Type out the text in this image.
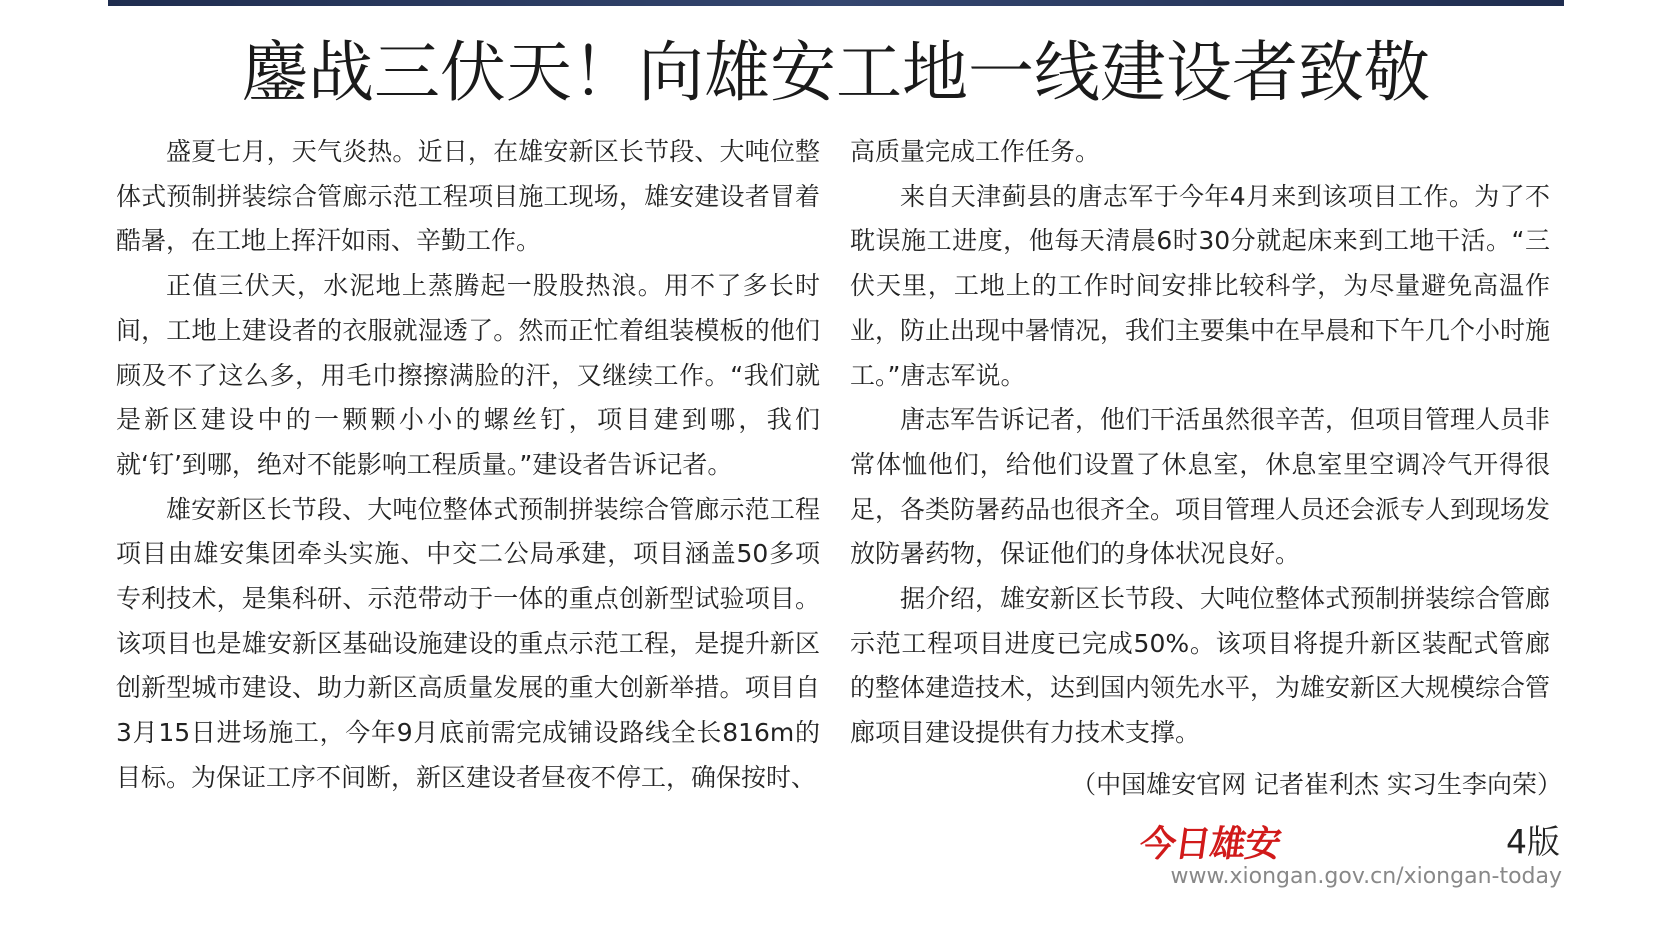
鏖战三伏天！向雄安工地一线建设者致敬

盛夏七月，天气炎热。近日，在雄安新区长节段、大吨位整体式预制拼装综合管廊示范工程项目施工现场，雄安建设者冒着酷暑，在工地上挥汗如雨、辛勤工作。

正值三伏天，水泥地上蒸腾起一股股热浪。用不了多长时间，工地上建设者的衣服就湿透了。然而正忙着组装模板的他们顾及不了这么多，用毛巾擦擦满脸的汗，又继续工作。“我们就是新区建设中的一颗颗小小的螺丝钉，项目建到哪，我们就‘钉’到哪，绝对不能影响工程质量。”建设者告诉记者。

雄安新区长节段、大吨位整体式预制拼装综合管廊示范工程项目由雄安集团牵头实施、中交二公局承建，项目涵盖50多项专利技术，是集科研、示范带动于一体的重点创新型试验项目。该项目也是雄安新区基础设施建设的重点示范工程，是提升新区创新型城市建设、助力新区高质量发展的重大创新举措。项目自3月15日进场施工，今年9月底前需完成铺设路线全长816m的目标。为保证工序不间断，新区建设者昼夜不停工，确保按时、

高质量完成工作任务。

来自天津蓟县的唐志军于今年4月来到该项目工作。为了不耽误施工进度，他每天清晨6时30分就起床来到工地干活。“三伏天里，工地上的工作时间安排比较科学，为尽量避免高温作业，防止出现中暑情况，我们主要集中在早晨和下午几个小时施工。”唐志军说。

唐志军告诉记者，他们干活虽然很辛苦，但项目管理人员非常体恤他们，给他们设置了休息室，休息室里空调冷气开得很足，各类防暑药品也很齐全。项目管理人员还会派专人到现场发放防暑药物，保证他们的身体状况良好。

据介绍，雄安新区长节段、大吨位整体式预制拼装综合管廊示范工程项目进度已完成50%。该项目将提升新区装配式管廊的整体建造技术，达到国内领先水平，为雄安新区大规模综合管廊项目建设提供有力技术支撑。

（中国雄安官网 记者崔利杰 实习生李向荣）
今日雄安	4版
www.xiongan.gov.cn/xiongan-today
